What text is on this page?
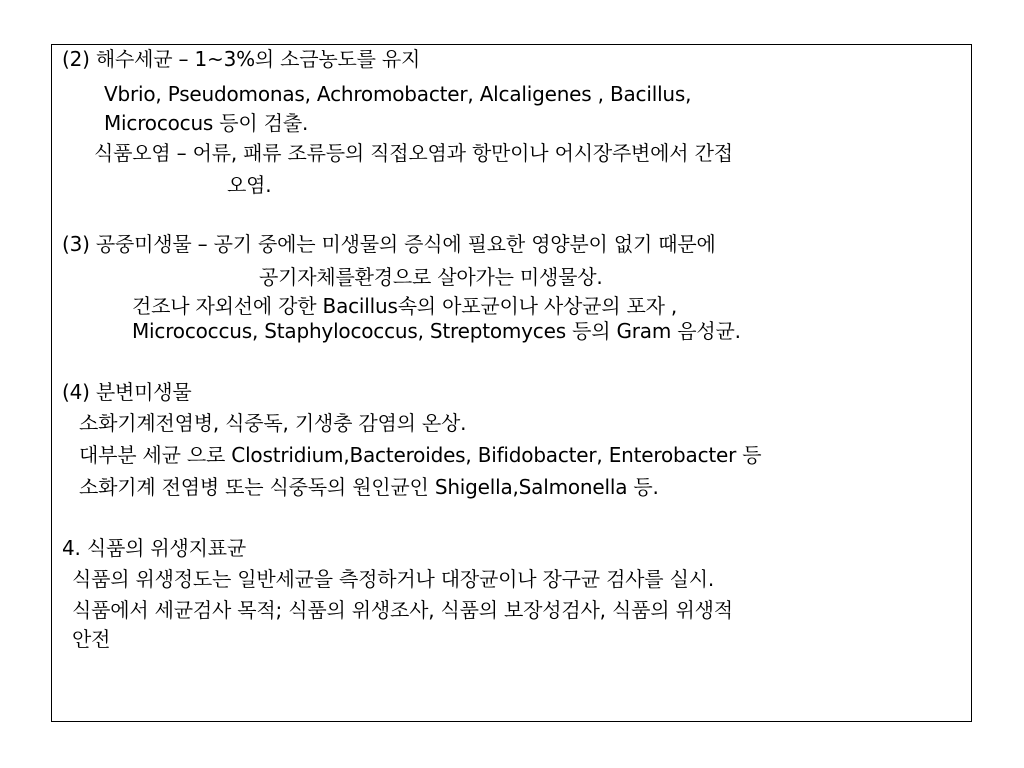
(2) 해수세균 – 1~3%의 소금농도를 유지
Vbrio, Pseudomonas, Achromobacter, Alcaligenes , Bacillus,
Micrococus 등이 검출.
식품오염 – 어류, 패류 조류등의 직접오염과 항만이나 어시장주변에서 간접
오염.
(3) 공중미생물 – 공기 중에는 미생물의 증식에 필요한 영양분이 없기 때문에
공기자체를환경으로 살아가는 미생물상.
건조나 자외선에 강한 Bacillus속의 아포균이나 사상균의 포자 ,
Micrococcus, Staphylococcus, Streptomyces 등의 Gram 음성균.
(4) 분변미생물
소화기계전염병, 식중독, 기생충 감염의 온상.
대부분 세균 으로 Clostridium,Bacteroides, Bifidobacter, Enterobacter 등
소화기계 전염병 또는 식중독의 원인균인 Shigella,Salmonella 등.
4. 식품의 위생지표균
식품의 위생정도는 일반세균을 측정하거나 대장균이나 장구균 검사를 실시.
식품에서 세균검사 목적; 식품의 위생조사, 식품의 보장성검사, 식품의 위생적
안전
